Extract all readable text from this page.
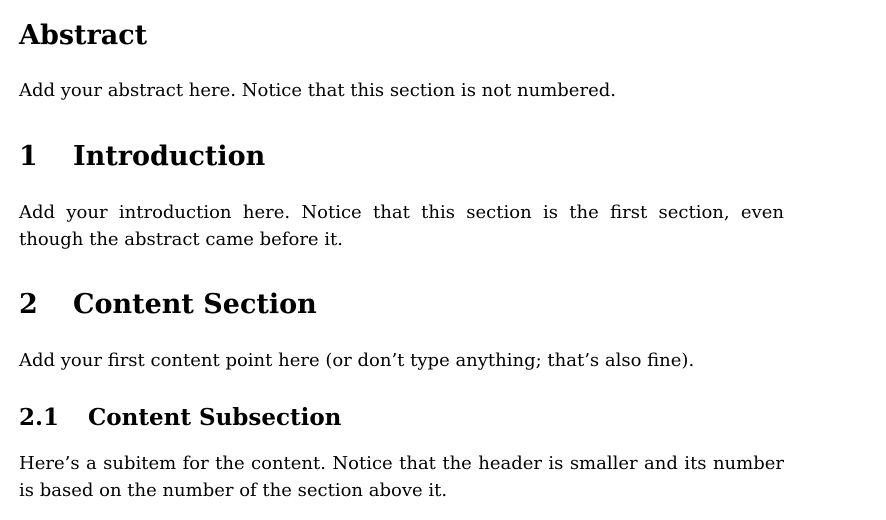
Abstract

Add your abstract here. Notice that this section is not numbered.

1 Introduction

Add your introduction here. Notice that this section is the first section, even though the abstract came before it.

2 Content Section

Add your first content point here (or don’t type anything; that’s also fine).

2.1 Content Subsection

Here’s a subitem for the content. Notice that the header is smaller and its number is based on the number of the section above it.
